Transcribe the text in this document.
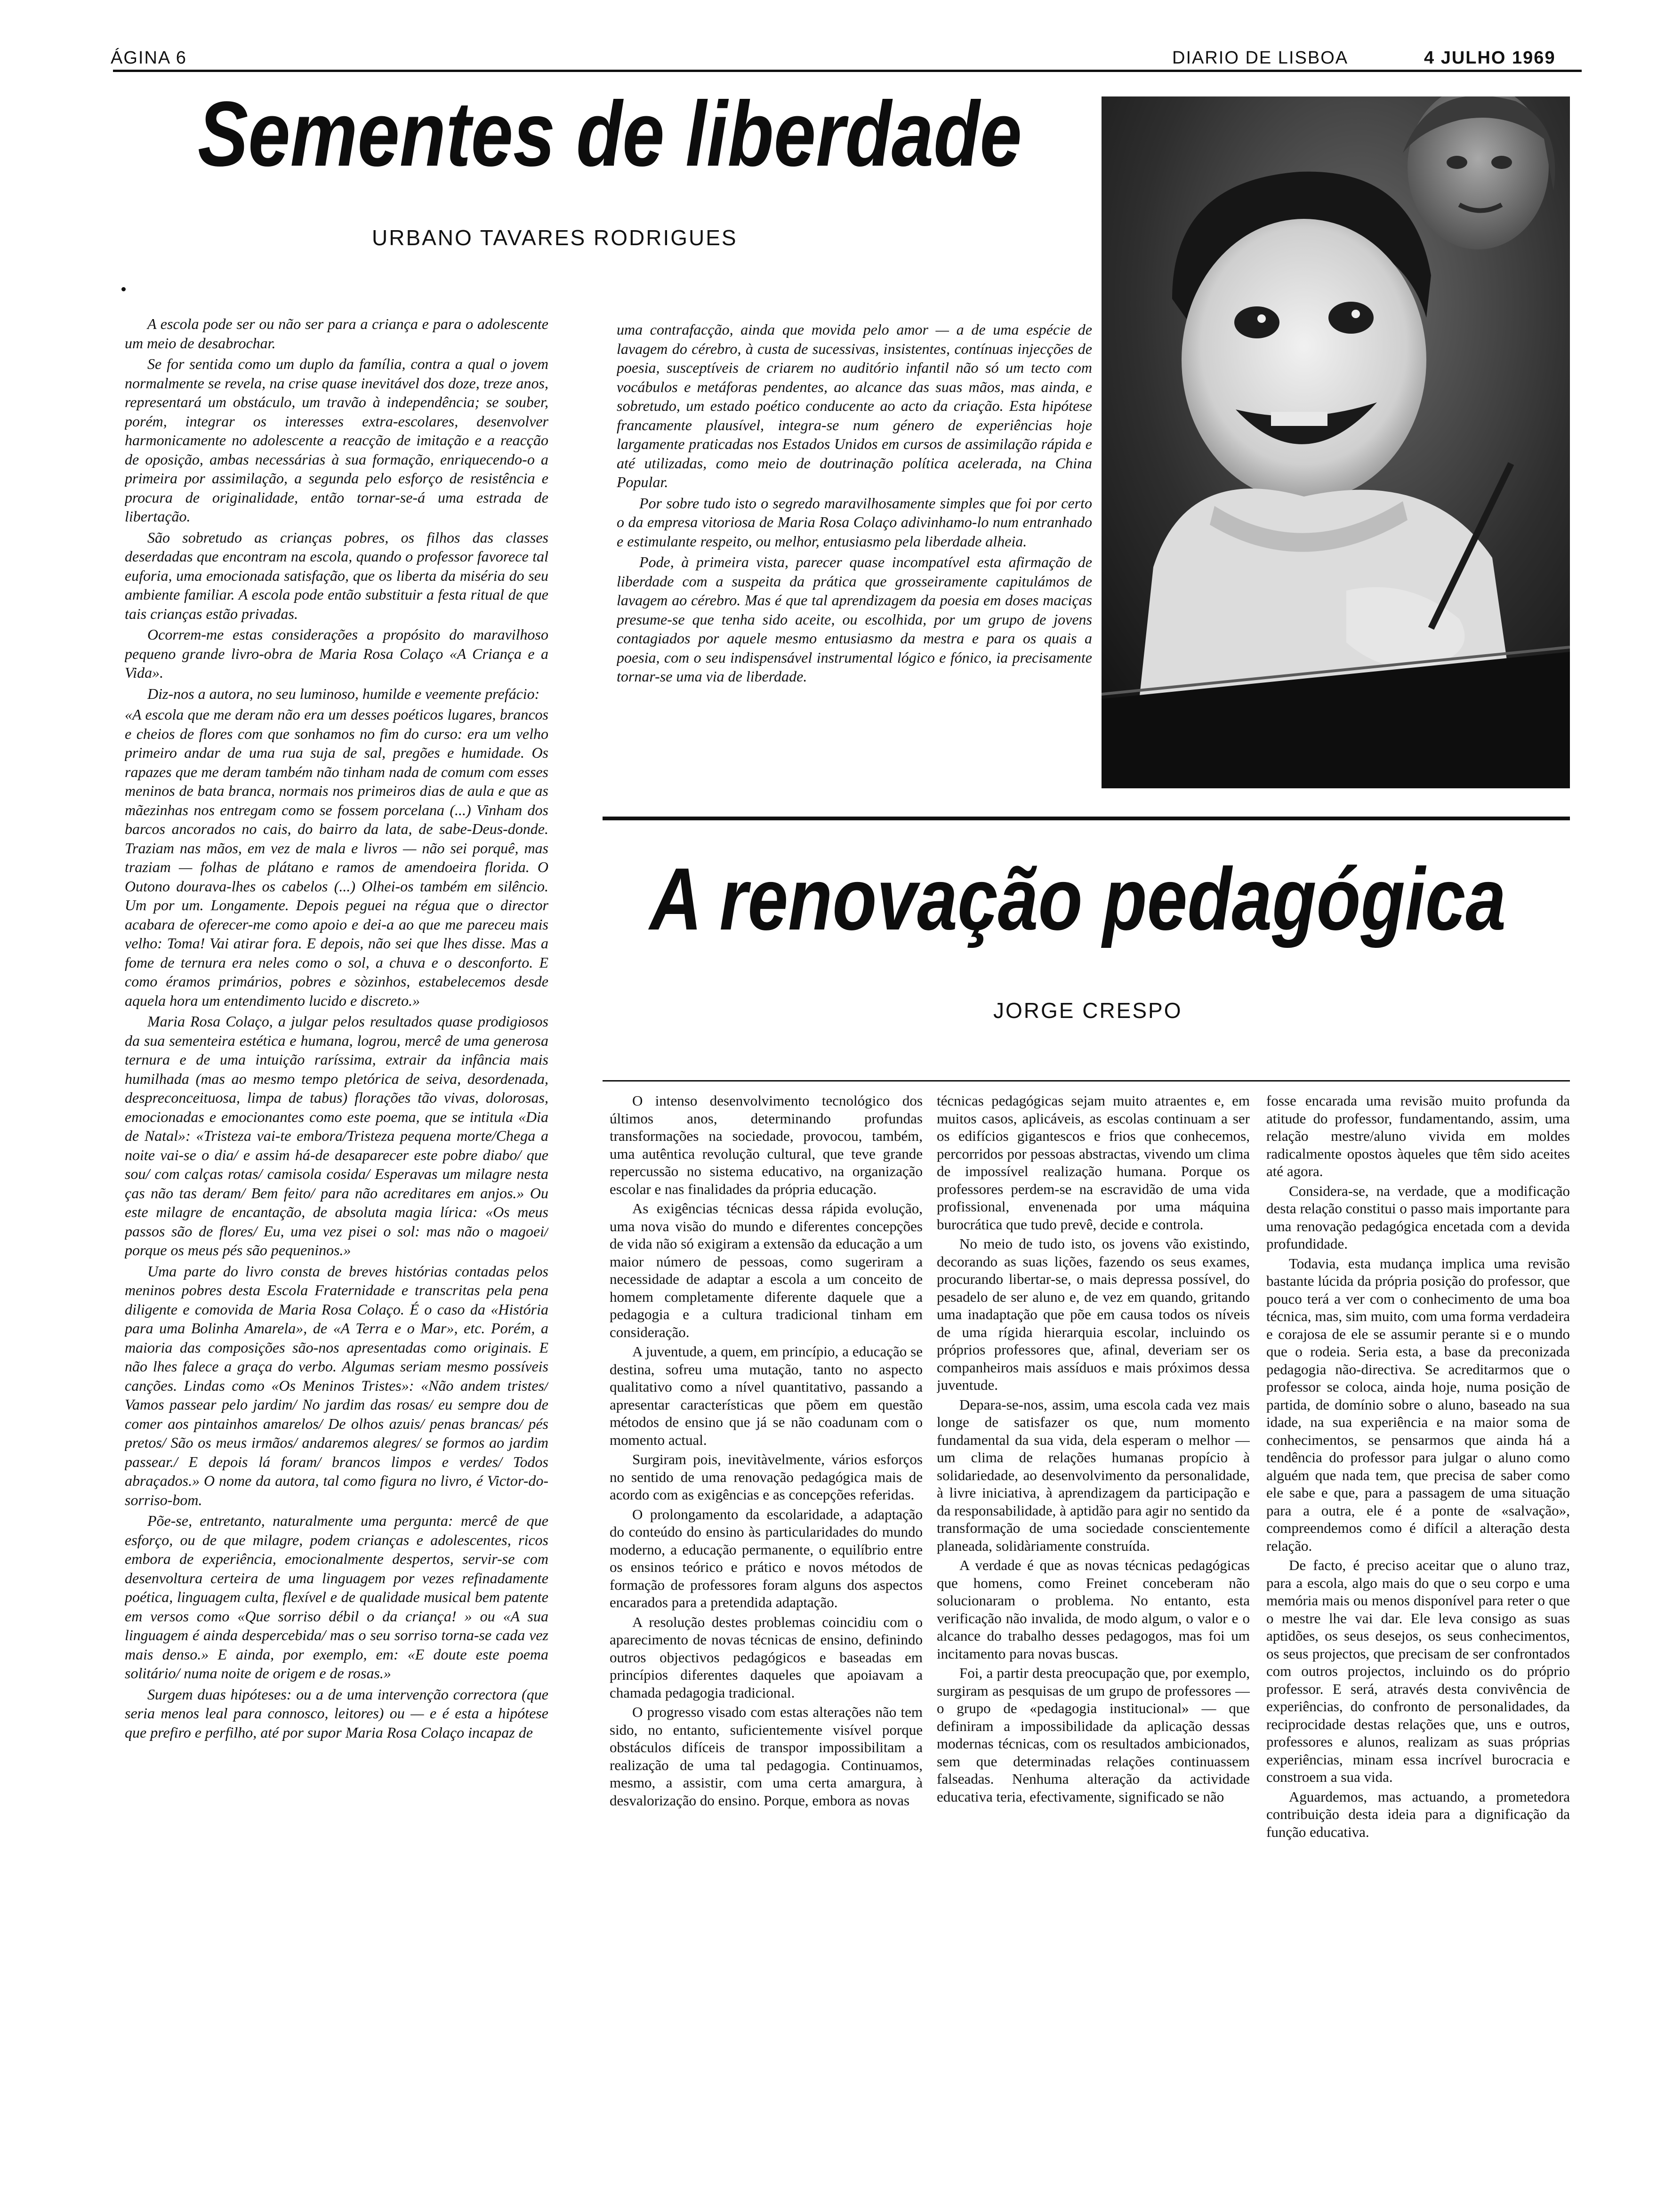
ÁGINA 6	DIARIO DE LISBOA	4 JULHO 1969
Sementes de liberdade
URBANO TAVARES RODRIGUES

A escola pode ser ou não ser para a criança e para o adolescente um meio de desabrochar.

Se for sentida como um duplo da família, contra a qual o jovem normalmente se revela, na crise quase inevitável dos doze, treze anos, representará um obstáculo, um travão à independência; se souber, porém, integrar os interesses extra-escolares, desenvolver harmonicamente no adolescente a reacção de imitação e a reacção de oposição, ambas necessárias à sua formação, enriquecendo-o a primeira por assimilação, a segunda pelo esforço de resistência e procura de originalidade, então tornar-se-á uma estrada de libertação.

São sobretudo as crianças pobres, os filhos das classes deserdadas que encontram na escola, quando o professor favorece tal euforia, uma emocionada satisfação, que os liberta da miséria do seu ambiente familiar. A escola pode então substituir a festa ritual de que tais crianças estão privadas.

Ocorrem-me estas considerações a propósito do maravilhoso pequeno grande livro-obra de Maria Rosa Colaço «A Criança e a Vida».

Diz-nos a autora, no seu luminoso, humilde e veemente prefácio:

«A escola que me deram não era um desses poéticos lugares, brancos e cheios de flores com que sonhamos no fim do curso: era um velho primeiro andar de uma rua suja de sal, pregões e humidade. Os rapazes que me deram também não tinham nada de comum com esses meninos de bata branca, normais nos primeiros dias de aula e que as mãezinhas nos entregam como se fossem porcelana (...) Vinham dos barcos ancorados no cais, do bairro da lata, de sabe-Deus-donde. Traziam nas mãos, em vez de mala e livros — não sei porquê, mas traziam — folhas de plátano e ramos de amendoeira florida. O Outono dourava-lhes os cabelos (...) Olhei-os também em silêncio. Um por um. Longamente. Depois peguei na régua que o director acabara de oferecer-me como apoio e dei-a ao que me pareceu mais velho: Toma! Vai atirar fora. E depois, não sei que lhes disse. Mas a fome de ternura era neles como o sol, a chuva e o desconforto. E como éramos primários, pobres e sòzinhos, estabelecemos desde aquela hora um entendimento lucido e discreto.»

Maria Rosa Colaço, a julgar pelos resultados quase prodigiosos da sua sementeira estética e humana, logrou, mercê de uma generosa ternura e de uma intuição raríssima, extrair da infância mais humilhada (mas ao mesmo tempo pletórica de seiva, desordenada, despreconceituosa, limpa de tabus) florações tão vivas, dolorosas, emocionadas e emocionantes como este poema, que se intitula «Dia de Natal»: «Tristeza vai-te embora/Tristeza pequena morte/Chega a noite vai-se o dia/ e assim há-de desaparecer este pobre diabo/ que sou/ com calças rotas/ camisola cosida/ Esperavas um milagre nesta ças não tas deram/ Bem feito/ para não acreditares em anjos.» Ou este milagre de encantação, de absoluta magia lírica: «Os meus passos são de flores/ Eu, uma vez pisei o sol: mas não o magoei/ porque os meus pés são pequeninos.»

Uma parte do livro consta de breves histórias contadas pelos meninos pobres desta Escola Fraternidade e transcritas pela pena diligente e comovida de Maria Rosa Colaço. É o caso da «História para uma Bolinha Amarela», de «A Terra e o Mar», etc. Porém, a maioria das composições são-nos apresentadas como originais. E não lhes falece a graça do verbo. Algumas seriam mesmo possíveis canções. Lindas como «Os Meninos Tristes»: «Não andem tristes/ Vamos passear pelo jardim/ No jardim das rosas/ eu sempre dou de comer aos pintainhos amarelos/ De olhos azuis/ penas brancas/ pés pretos/ São os meus irmãos/ andaremos alegres/ se formos ao jardim passear./ E depois lá foram/ brancos limpos e verdes/ Todos abraçados.» O nome da autora, tal como figura no livro, é Victor-do-sorriso-bom.

Põe-se, entretanto, naturalmente uma pergunta: mercê de que esforço, ou de que milagre, podem crianças e adolescentes, ricos embora de experiência, emocionalmente despertos, servir-se com desenvoltura certeira de uma linguagem por vezes refinadamente poética, linguagem culta, flexível e de qualidade musical bem patente em versos como «Que sorriso débil o da criança! » ou «A sua linguagem é ainda despercebida/ mas o seu sorriso torna-se cada vez mais denso.» E ainda, por exemplo, em: «E doute este poema solitário/ numa noite de origem e de rosas.»

Surgem duas hipóteses: ou a de uma intervenção correctora (que seria menos leal para connosco, leitores) ou — e é esta a hipótese que prefiro e perfilho, até por supor Maria Rosa Colaço incapaz de

uma contrafacção, ainda que movida pelo amor — a de uma espécie de lavagem do cérebro, à custa de sucessivas, insistentes, contínuas injecções de poesia, susceptíveis de criarem no auditório infantil não só um tecto com vocábulos e metáforas pendentes, ao alcance das suas mãos, mas ainda, e sobretudo, um estado poético conducente ao acto da criação. Esta hipótese francamente plausível, integra-se num género de experiências hoje largamente praticadas nos Estados Unidos em cursos de assimilação rápida e até utilizadas, como meio de doutrinação política acelerada, na China Popular.

Por sobre tudo isto o segredo maravilhosamente simples que foi por certo o da empresa vitoriosa de Maria Rosa Colaço adivinhamo-lo num entranhado e estimulante respeito, ou melhor, entusiasmo pela liberdade alheia.

Pode, à primeira vista, parecer quase incompatível esta afirmação de liberdade com a suspeita da prática que grosseiramente capitulámos de lavagem ao cérebro. Mas é que tal aprendizagem da poesia em doses maciças presume-se que tenha sido aceite, ou escolhida, por um grupo de jovens contagiados por aquele mesmo entusiasmo da mestra e para os quais a poesia, com o seu indispensável instrumental lógico e fónico, ia precisamente tornar-se uma via de liberdade.

A renovação pedagógica
JORGE CRESPO

O intenso desenvolvimento tecnológico dos últimos anos, determinando profundas transformações na sociedade, provocou, também, uma autêntica revolução cultural, que teve grande repercussão no sistema educativo, na organização escolar e nas finalidades da própria educação.

As exigências técnicas dessa rápida evolução, uma nova visão do mundo e diferentes concepções de vida não só exigiram a extensão da educação a um maior número de pessoas, como sugeriram a necessidade de adaptar a escola a um conceito de homem completamente diferente daquele que a pedagogia e a cultura tradicional tinham em consideração.

A juventude, a quem, em princípio, a educação se destina, sofreu uma mutação, tanto no aspecto qualitativo como a nível quantitativo, passando a apresentar características que põem em questão métodos de ensino que já se não coadunam com o momento actual.

Surgiram pois, inevitàvelmente, vários esforços no sentido de uma renovação pedagógica mais de acordo com as exigências e as concepções referidas.

O prolongamento da escolaridade, a adaptação do conteúdo do ensino às particularidades do mundo moderno, a educação permanente, o equilíbrio entre os ensinos teórico e prático e novos métodos de formação de professores foram alguns dos aspectos encarados para a pretendida adaptação.

A resolução destes problemas coincidiu com o aparecimento de novas técnicas de ensino, definindo outros objectivos pedagógicos e baseadas em princípios diferentes daqueles que apoiavam a chamada pedagogia tradicional.

O progresso visado com estas alterações não tem sido, no entanto, suficientemente visível porque obstáculos difíceis de transpor impossibilitam a realização de uma tal pedagogia. Continuamos, mesmo, a assistir, com uma certa amargura, à desvalorização do ensino. Porque, embora as novas

técnicas pedagógicas sejam muito atraentes e, em muitos casos, aplicáveis, as escolas continuam a ser os edifícios gigantescos e frios que conhecemos, percorridos por pessoas abstractas, vivendo um clima de impossível realização humana. Porque os professores perdem-se na escravidão de uma vida profissional, envenenada por uma máquina burocrática que tudo prevê, decide e controla.

No meio de tudo isto, os jovens vão existindo, decorando as suas lições, fazendo os seus exames, procurando libertar-se, o mais depressa possível, do pesadelo de ser aluno e, de vez em quando, gritando uma inadaptação que põe em causa todos os níveis de uma rígida hierarquia escolar, incluindo os próprios professores que, afinal, deveriam ser os companheiros mais assíduos e mais próximos dessa juventude.

Depara-se-nos, assim, uma escola cada vez mais longe de satisfazer os que, num momento fundamental da sua vida, dela esperam o melhor — um clima de relações humanas propício à solidariedade, ao desenvolvimento da personalidade, à livre iniciativa, à aprendizagem da participação e da responsabilidade, à aptidão para agir no sentido da transformação de uma sociedade conscientemente planeada, solidàriamente construída.

A verdade é que as novas técnicas pedagógicas que homens, como Freinet conceberam não solucionaram o problema. No entanto, esta verificação não invalida, de modo algum, o valor e o alcance do trabalho desses pedagogos, mas foi um incitamento para novas buscas.

Foi, a partir desta preocupação que, por exemplo, surgiram as pesquisas de um grupo de professores — o grupo de «pedagogia institucional» — que definiram a impossibilidade da aplicação dessas modernas técnicas, com os resultados ambicionados, sem que determinadas relações continuassem falseadas. Nenhuma alteração da actividade educativa teria, efectivamente, significado se não

fosse encarada uma revisão muito profunda da atitude do professor, fundamentando, assim, uma relação mestre/aluno vivida em moldes radicalmente opostos àqueles que têm sido aceites até agora.

Considera-se, na verdade, que a modificação desta relação constitui o passo mais importante para uma renovação pedagógica encetada com a devida profundidade.

Todavia, esta mudança implica uma revisão bastante lúcida da própria posição do professor, que pouco terá a ver com o conhecimento de uma boa técnica, mas, sim muito, com uma forma verdadeira e corajosa de ele se assumir perante si e o mundo que o rodeia. Seria esta, a base da preconizada pedagogia não-directiva. Se acreditarmos que o professor se coloca, ainda hoje, numa posição de partida, de domínio sobre o aluno, baseado na sua idade, na sua experiência e na maior soma de conhecimentos, se pensarmos que ainda há a tendência do professor para julgar o aluno como alguém que nada tem, que precisa de saber como ele sabe e que, para a passagem de uma situação para a outra, ele é a ponte de «salvação», compreendemos como é difícil a alteração desta relação.

De facto, é preciso aceitar que o aluno traz, para a escola, algo mais do que o seu corpo e uma memória mais ou menos disponível para reter o que o mestre lhe vai dar. Ele leva consigo as suas aptidões, os seus desejos, os seus conhecimentos, os seus projectos, que precisam de ser confrontados com outros projectos, incluindo os do próprio professor. E será, através desta convivência de experiências, do confronto de personalidades, da reciprocidade destas relações que, uns e outros, professores e alunos, realizam as suas próprias experiências, minam essa incrível burocracia e constroem a sua vida.

Aguardemos, mas actuando, a prometedora contribuição desta ideia para a dignificação da função educativa.
